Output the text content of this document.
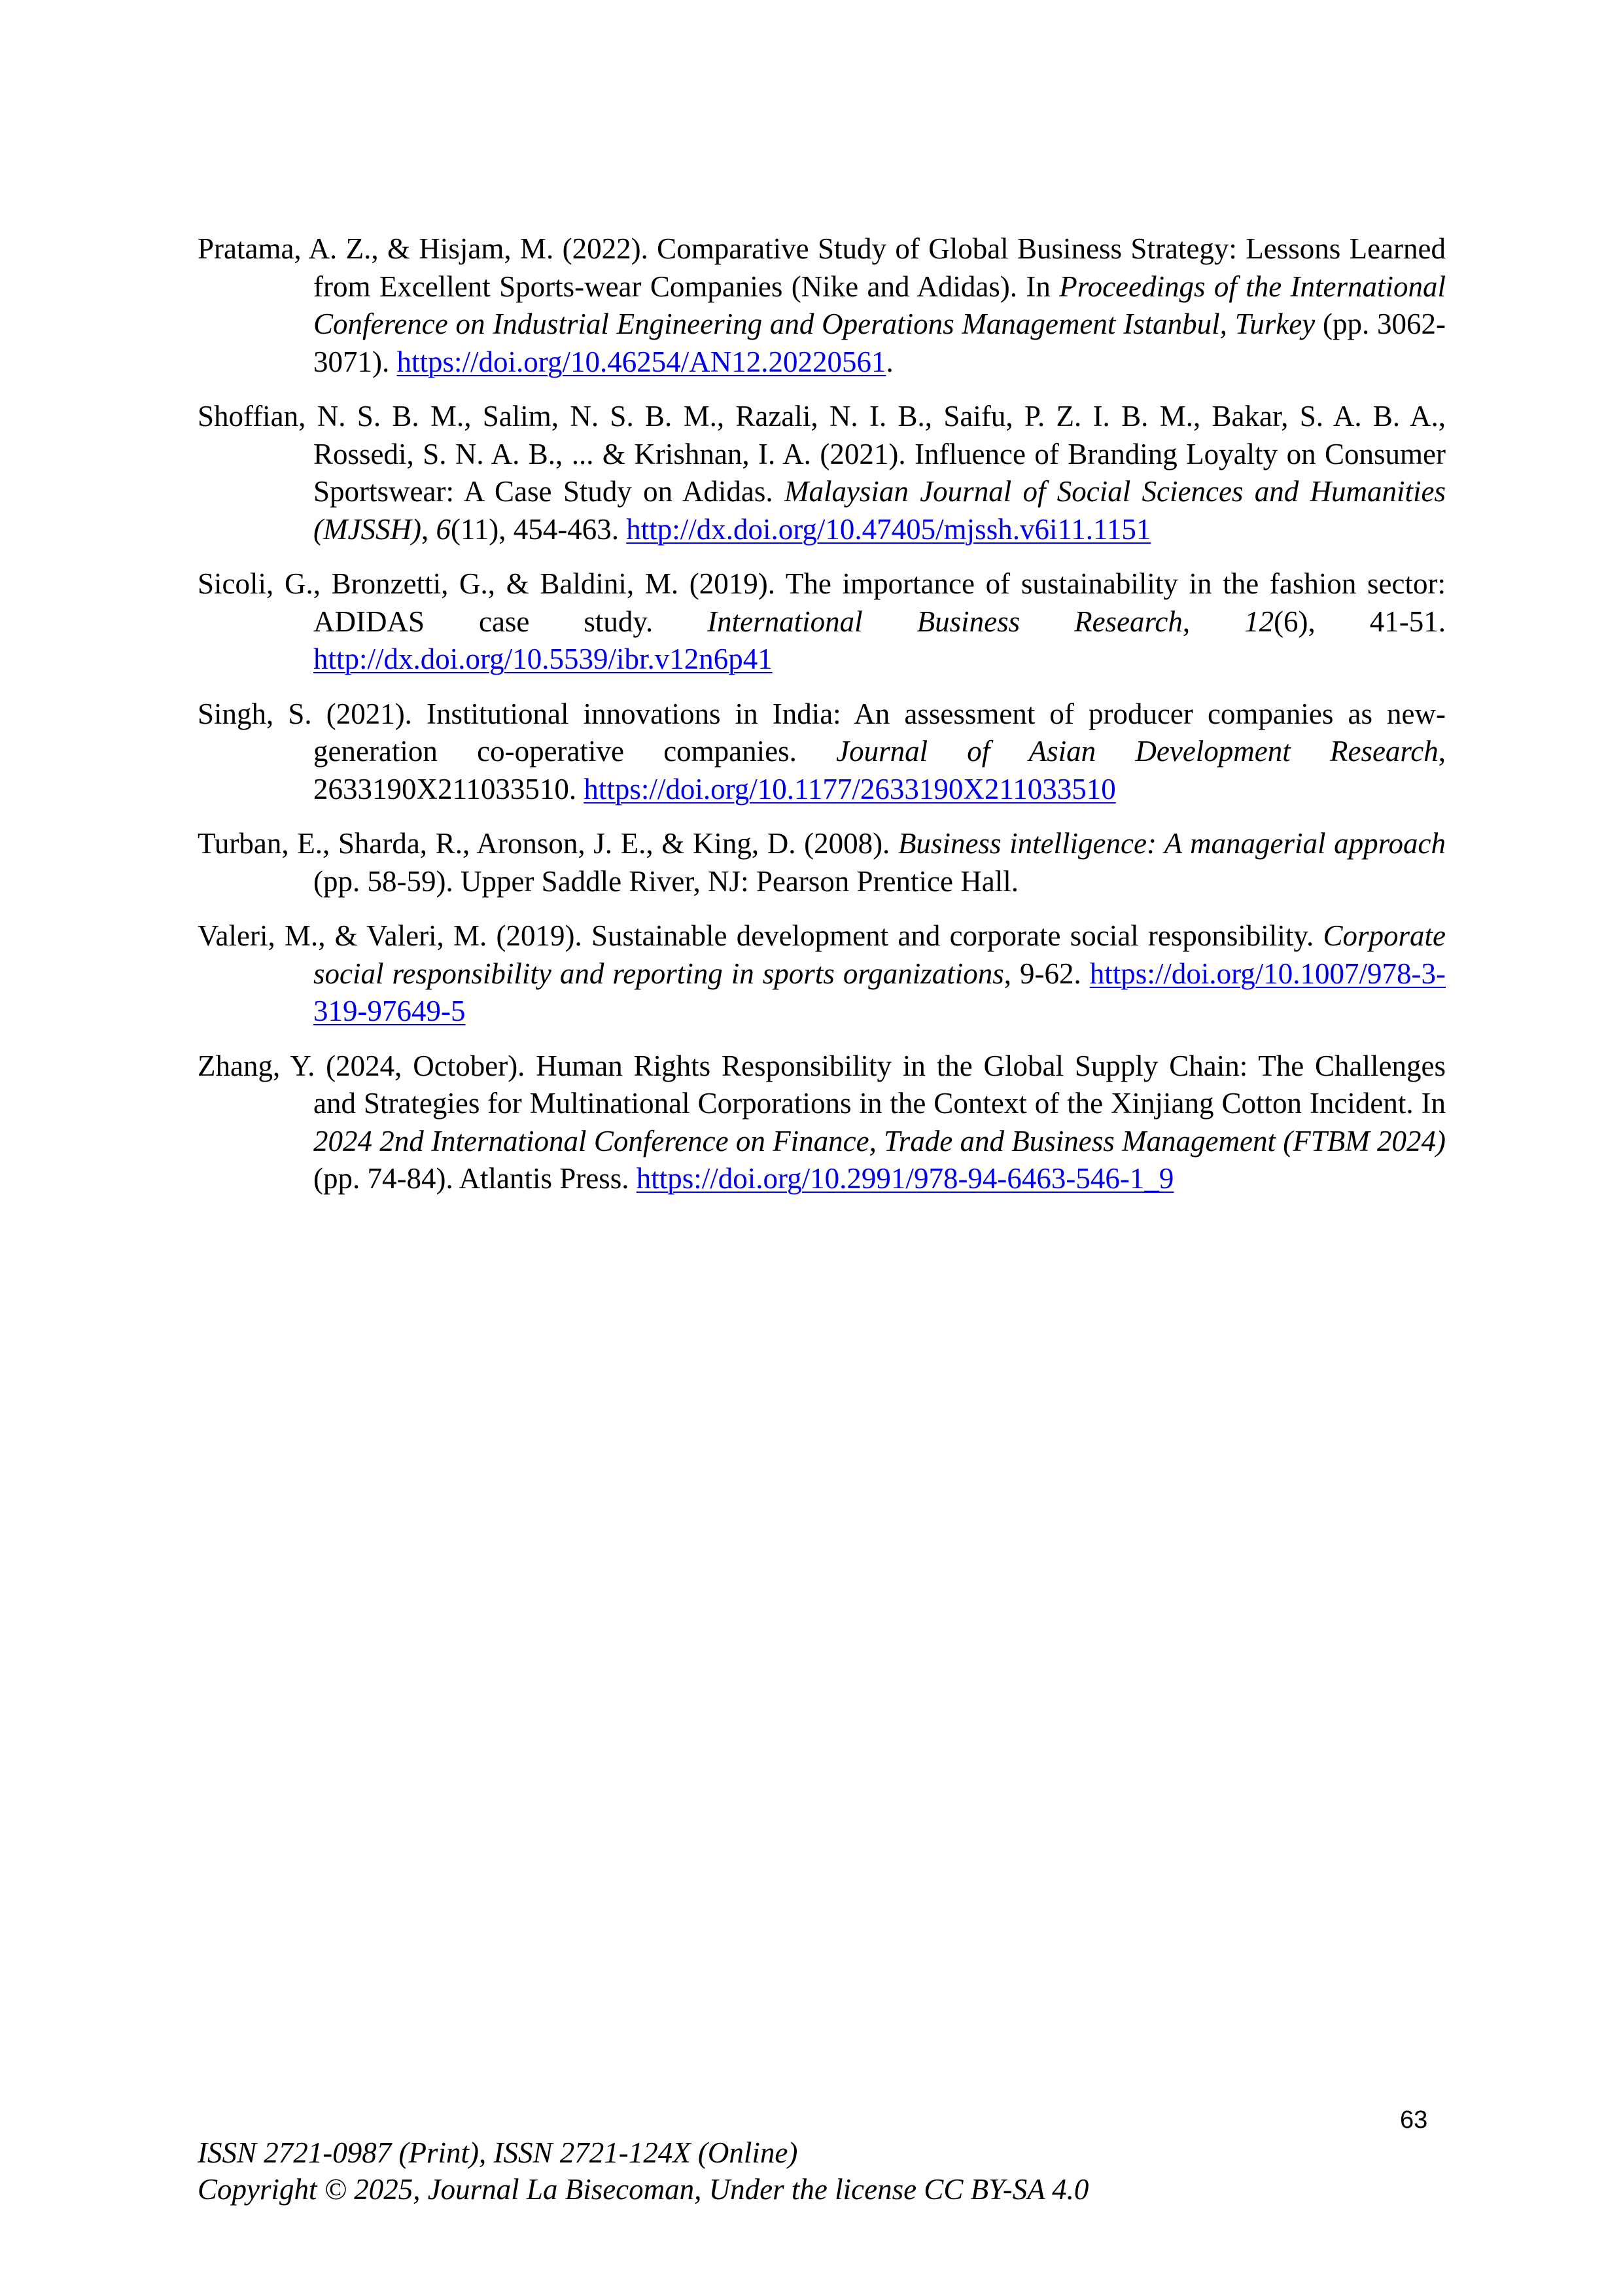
Pratama, A. Z., & Hisjam, M. (2022). Comparative Study of Global Business Strategy: Lessons Learned from Excellent Sports-wear Companies (Nike and Adidas). In Proceedings of the International Conference on Industrial Engineering and Operations Management Istanbul, Turkey (pp. 3062-3071). https://doi.org/10.46254/AN12.20220561.

Shoffian, N. S. B. M., Salim, N. S. B. M., Razali, N. I. B., Saifu, P. Z. I. B. M., Bakar, S. A. B. A., Rossedi, S. N. A. B., ... & Krishnan, I. A. (2021). Influence of Branding Loyalty on Consumer Sportswear: A Case Study on Adidas. Malaysian Journal of Social Sciences and Humanities (MJSSH), 6(11), 454-463. http://dx.doi.org/10.47405/mjssh.v6i11.1151

Sicoli, G., Bronzetti, G., & Baldini, M. (2019). The importance of sustainability in the fashion sector: ADIDAS case study. International Business Research, 12(6), 41-51. http://dx.doi.org/10.5539/ibr.v12n6p41

Singh, S. (2021). Institutional innovations in India: An assessment of producer companies as new-generation co-operative companies. Journal of Asian Development Research, 2633190X211033510. https://doi.org/10.1177/2633190X211033510

Turban, E., Sharda, R., Aronson, J. E., & King, D. (2008). Business intelligence: A managerial approach (pp. 58-59). Upper Saddle River, NJ: Pearson Prentice Hall.

Valeri, M., & Valeri, M. (2019). Sustainable development and corporate social responsibility. Corporate social responsibility and reporting in sports organizations, 9-62. https://doi.org/10.1007/978-3-319-97649-5

Zhang, Y. (2024, October). Human Rights Responsibility in the Global Supply Chain: The Challenges and Strategies for Multinational Corporations in the Context of the Xinjiang Cotton Incident. In 2024 2nd International Conference on Finance, Trade and Business Management (FTBM 2024) (pp. 74-84). Atlantis Press. https://doi.org/10.2991/978-94-6463-546-1_9

63
ISSN 2721-0987 (Print), ISSN 2721-124X (Online)
Copyright © 2025, Journal La Bisecoman, Under the license CC BY-SA 4.0
